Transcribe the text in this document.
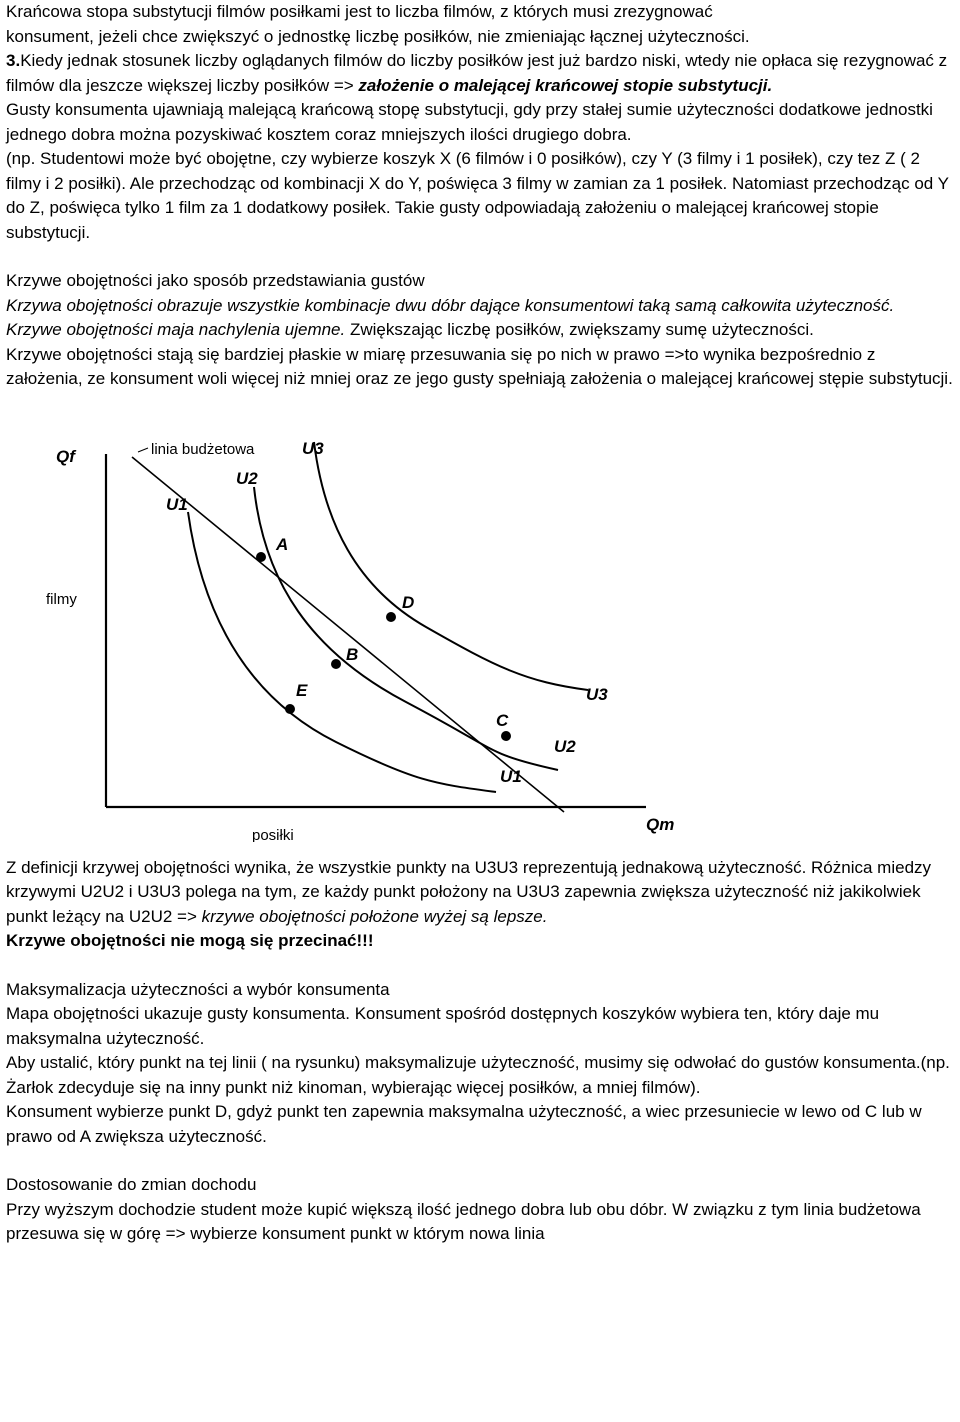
Krańcowa stopa substytucji filmów posiłkami jest to liczba filmów, z których musi zrezygnować
konsument, jeżeli chce zwiększyć o jednostkę liczbę posiłków, nie zmieniając łącznej użyteczności.

3.Kiedy jednak stosunek liczby oglądanych filmów do liczby posiłków jest już bardzo niski, wtedy nie opłaca się rezygnować z filmów dla jeszcze większej liczby posiłków => założenie o malejącej krańcowej stopie substytucji.

Gusty konsumenta ujawniają malejącą krańcową stopę substytucji, gdy przy stałej sumie użyteczności dodatkowe jednostki jednego dobra można pozyskiwać kosztem coraz mniejszych ilości drugiego dobra.

(np. Studentowi może być obojętne, czy wybierze koszyk X (6 filmów i 0 posiłków), czy Y (3 filmy i 1 posiłek), czy tez Z ( 2 filmy i 2 posiłki). Ale przechodząc od kombinacji X do Y, poświęca 3 filmy w zamian za 1 posiłek. Natomiast przechodząc od Y do Z, poświęca tylko 1 film za 1 dodatkowy posiłek. Takie gusty odpowiadają założeniu o malejącej krańcowej stopie substytucji.

Krzywe obojętności jako sposób przedstawiania gustów

Krzywa obojętności obrazuje wszystkie kombinacje dwu dóbr dające konsumentowi taką samą całkowita użyteczność.

Krzywe obojętności maja nachylenia ujemne. Zwiększając liczbę posiłków, zwiększamy sumę użyteczności.

Krzywe obojętności stają się bardziej płaskie w miarę przesuwania się po nich w prawo =>to wynika bezpośrednio z założenia, ze konsument woli więcej niż mniej oraz ze jego gusty spełniają założenia o malejącej krańcowej stępie substytucji.

Qf
Qm
filmy
posiłki
linia budżetowa
U1
U2
U3
U1
U2
U3
A
B
C
D
E

Z definicji krzywej obojętności wynika, że wszystkie punkty na U3U3 reprezentują jednakową użyteczność. Różnica miedzy krzywymi U2U2 i U3U3 polega na tym, ze każdy punkt położony na U3U3 zapewnia zwiększa użyteczność niż jakikolwiek punkt leżący na U2U2 => krzywe obojętności położone wyżej są lepsze.

Krzywe obojętności nie mogą się przecinać!!!

Maksymalizacja użyteczności a wybór konsumenta

Mapa obojętności ukazuje gusty konsumenta. Konsument spośród dostępnych koszyków wybiera ten, który daje mu maksymalna użyteczność.

Aby ustalić, który punkt na tej linii ( na rysunku) maksymalizuje użyteczność, musimy się odwołać do gustów konsumenta.(np. Żarłok zdecyduje się na inny punkt niż kinoman, wybierając więcej posiłków, a mniej filmów).

Konsument wybierze punkt D, gdyż punkt ten zapewnia maksymalna użyteczność, a wiec przesuniecie w lewo od C lub w prawo od A zwiększa użyteczność.

Dostosowanie do zmian dochodu

Przy wyższym dochodzie student może kupić większą ilość jednego dobra lub obu dóbr. W związku z tym linia budżetowa przesuwa się w górę => wybierze konsument punkt w którym nowa linia
